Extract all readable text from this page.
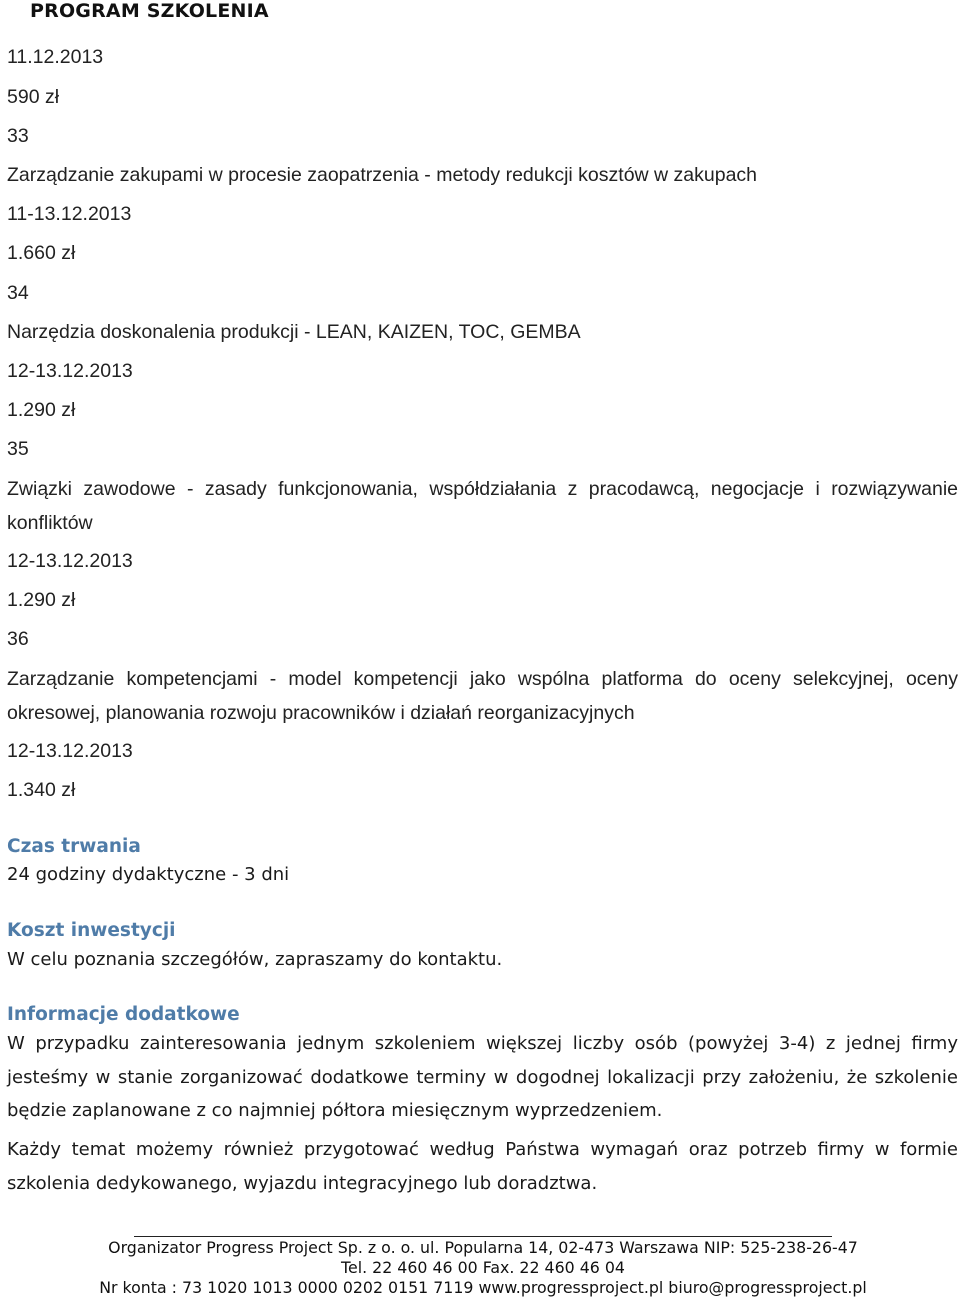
PROGRAM SZKOLENIA
11.12.2013
590 zł
33
Zarządzanie zakupami w procesie zaopatrzenia - metody redukcji kosztów w zakupach
11-13.12.2013
1.660 zł
34
Narzędzia doskonalenia produkcji - LEAN, KAIZEN, TOC, GEMBA
12-13.12.2013
1.290 zł
35
Związki zawodowe - zasady funkcjonowania, współdziałania z pracodawcą, negocjacje i rozwiązywanie konfliktów
12-13.12.2013
1.290 zł
36
Zarządzanie kompetencjami - model kompetencji jako wspólna platforma do oceny selekcyjnej, oceny okresowej, planowania rozwoju pracowników i działań reorganizacyjnych
12-13.12.2013
1.340 zł
Czas trwania
24 godziny dydaktyczne - 3 dni
Koszt inwestycji
W celu poznania szczegółów, zapraszamy do kontaktu.
Informacje dodatkowe
W przypadku zainteresowania jednym szkoleniem większej liczby osób (powyżej 3-4) z jednej firmy jesteśmy w stanie zorganizować dodatkowe terminy w dogodnej lokalizacji przy założeniu, że szkolenie będzie zaplanowane z co najmniej półtora miesięcznym wyprzedzeniem.
Każdy temat możemy również przygotować według Państwa wymagań oraz potrzeb firmy w formie szkolenia dedykowanego, wyjazdu integracyjnego lub doradztwa.
Organizator Progress Project Sp. z o. o. ul. Popularna 14, 02-473 Warszawa NIP: 525-238-26-47
Tel. 22 460 46 00 Fax. 22 460 46 04
Nr konta : 73 1020 1013 0000 0202 0151 7119 www.progressproject.pl biuro@progressproject.pl
